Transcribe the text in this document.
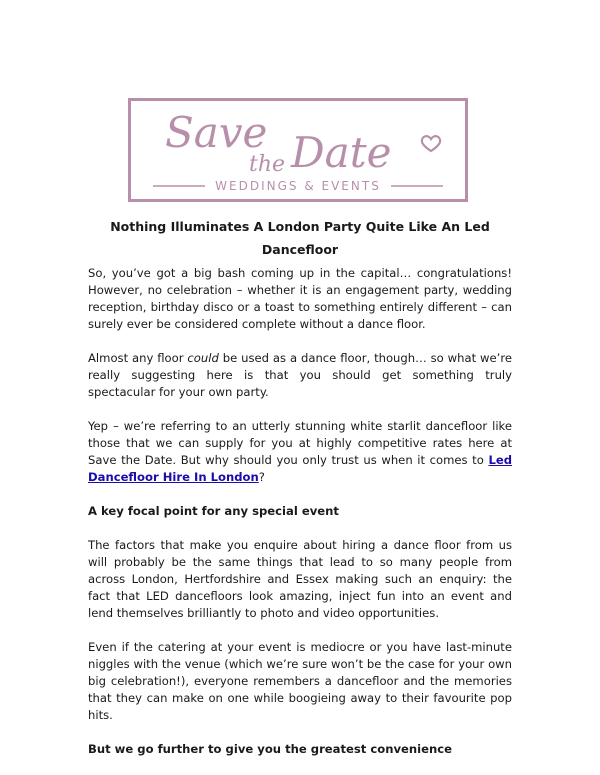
Save
the Date
WEDDINGS & EVENTS
Nothing Illuminates A London Party Quite Like An Led Dancefloor

So, you’ve got a big bash coming up in the capital… congratulations! However, no celebration – whether it is an engagement party, wedding reception, birthday disco or a toast to something entirely different – can surely ever be considered complete without a dance floor.

Almost any floor could be used as a dance floor, though… so what we’re really suggesting here is that you should get something truly spectacular for your own party.

Yep – we’re referring to an utterly stunning white starlit dancefloor like those that we can supply for you at highly competitive rates here at Save the Date. But why should you only trust us when it comes to Led Dancefloor Hire In London?

A key focal point for any special event

The factors that make you enquire about hiring a dance floor from us will probably be the same things that lead to so many people from across London, Hertfordshire and Essex making such an enquiry: the fact that LED dancefloors look amazing, inject fun into an event and lend themselves brilliantly to photo and video opportunities.

Even if the catering at your event is mediocre or you have last-minute niggles with the venue (which we’re sure won’t be the case for your own big celebration!), everyone remembers a dancefloor and the memories that they can make on one while boogieing away to their favourite pop hits.

But we go further to give you the greatest convenience
